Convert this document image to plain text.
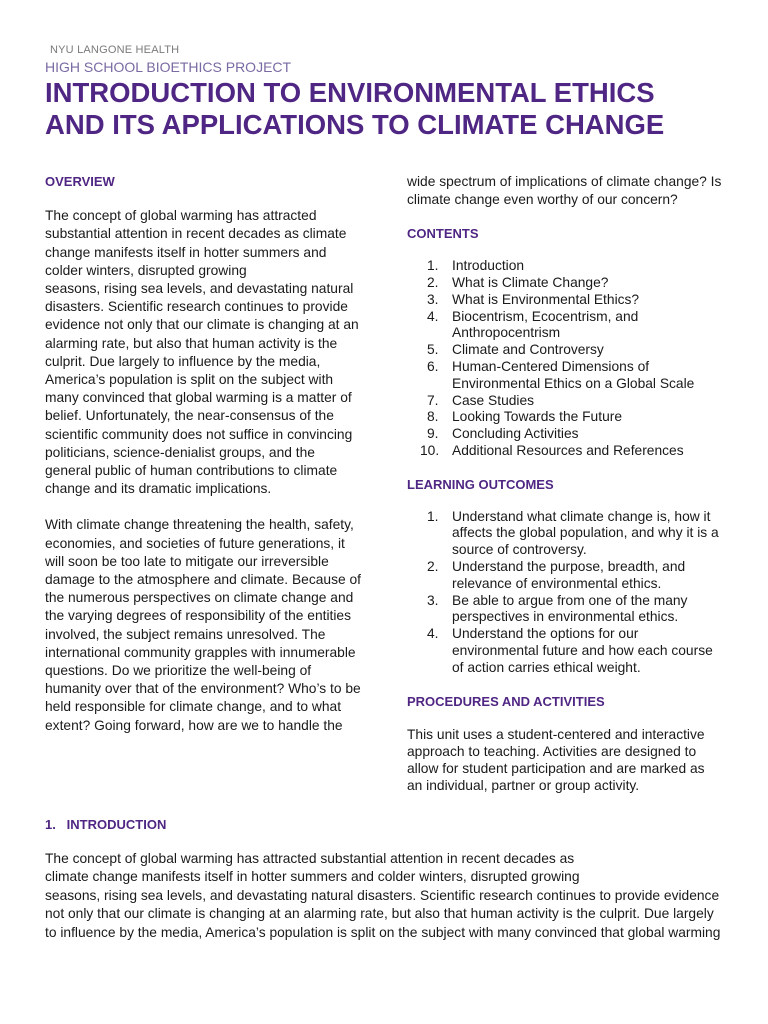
NYU LANGONE HEALTH
HIGH SCHOOL BIOETHICS PROJECT
INTRODUCTION TO ENVIRONMENTAL ETHICS
AND ITS APPLICATIONS TO CLIMATE CHANGE
OVERVIEW
The concept of global warming has attracted
substantial attention in recent decades as climate
change manifests itself in hotter summers and
colder winters, disrupted growing
seasons, rising sea levels, and devastating natural
disasters. Scientific research continues to provide
evidence not only that our climate is changing at an
alarming rate, but also that human activity is the
culprit. Due largely to influence by the media,
America’s population is split on the subject with
many convinced that global warming is a matter of
belief. Unfortunately, the near-consensus of the
scientific community does not suffice in convincing
politicians, science-denialist groups, and the
general public of human contributions to climate
change and its dramatic implications.
With climate change threatening the health, safety,
economies, and societies of future generations, it
will soon be too late to mitigate our irreversible
damage to the atmosphere and climate. Because of
the numerous perspectives on climate change and
the varying degrees of responsibility of the entities
involved, the subject remains unresolved. The
international community grapples with innumerable
questions. Do we prioritize the well-being of
humanity over that of the environment? Who’s to be
held responsible for climate change, and to what
extent? Going forward, how are we to handle the
wide spectrum of implications of climate change? Is
climate change even worthy of our concern?
CONTENTS
1. Introduction
2. What is Climate Change?
3. What is Environmental Ethics?
4. Biocentrism, Ecocentrism, and
Anthropocentrism
5. Climate and Controversy
6. Human-Centered Dimensions of
Environmental Ethics on a Global Scale
7. Case Studies
8. Looking Towards the Future
9. Concluding Activities
10. Additional Resources and References
LEARNING OUTCOMES
1. Understand what climate change is, how it
affects the global population, and why it is a
source of controversy.
2. Understand the purpose, breadth, and
relevance of environmental ethics.
3. Be able to argue from one of the many
perspectives in environmental ethics.
4. Understand the options for our
environmental future and how each course
of action carries ethical weight.
PROCEDURES AND ACTIVITIES
This unit uses a student-centered and interactive
approach to teaching. Activities are designed to
allow for student participation and are marked as
an individual, partner or group activity.
1.   INTRODUCTION
The concept of global warming has attracted substantial attention in recent decades as
climate change manifests itself in hotter summers and colder winters, disrupted growing
seasons, rising sea levels, and devastating natural disasters. Scientific research continues to provide evidence
not only that our climate is changing at an alarming rate, but also that human activity is the culprit. Due largely
to influence by the media, America’s population is split on the subject with many convinced that global warming
